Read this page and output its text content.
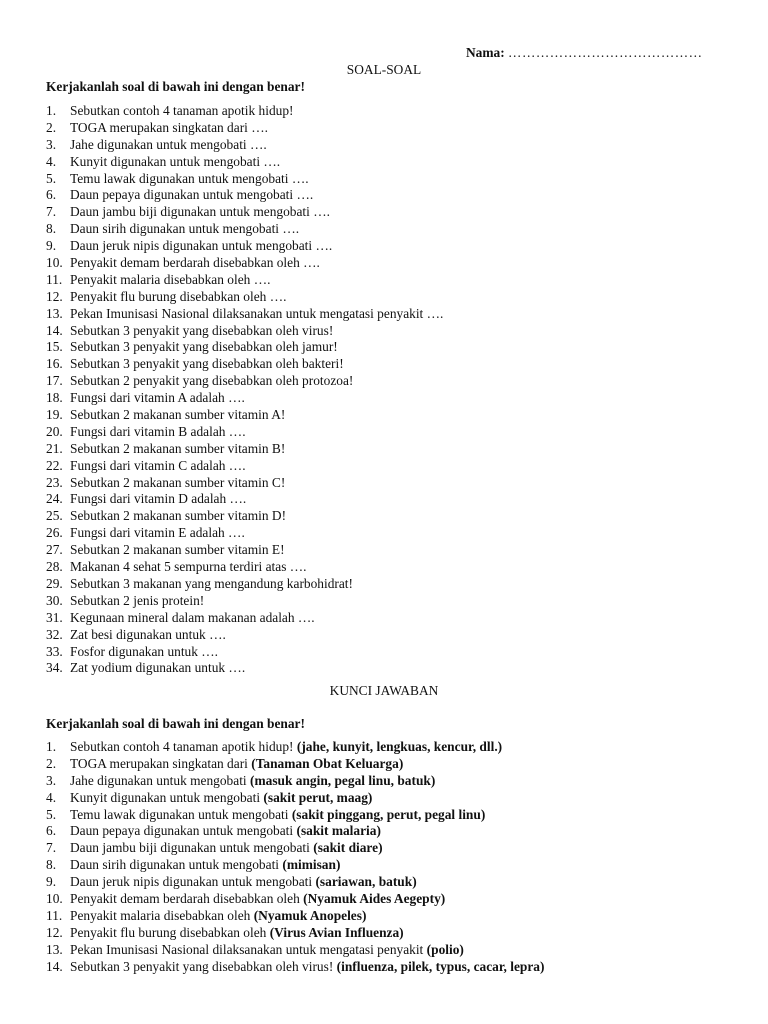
Nama: ……………………………………
SOAL-SOAL
Kerjakanlah soal di bawah ini dengan benar!
1. Sebutkan contoh 4 tanaman apotik hidup!
2. TOGA merupakan singkatan dari ….
3. Jahe digunakan untuk mengobati ….
4. Kunyit digunakan untuk mengobati ….
5. Temu lawak digunakan untuk mengobati ….
6. Daun pepaya digunakan untuk mengobati ….
7. Daun jambu biji digunakan untuk mengobati ….
8. Daun sirih digunakan untuk mengobati ….
9. Daun jeruk nipis digunakan untuk mengobati ….
10. Penyakit demam berdarah disebabkan oleh ….
11. Penyakit malaria disebabkan oleh ….
12. Penyakit flu burung disebabkan oleh ….
13. Pekan Imunisasi Nasional dilaksanakan untuk mengatasi penyakit ….
14. Sebutkan 3 penyakit yang disebabkan oleh virus!
15. Sebutkan 3 penyakit yang disebabkan oleh jamur!
16. Sebutkan 3 penyakit yang disebabkan oleh bakteri!
17. Sebutkan 2 penyakit yang disebabkan oleh protozoa!
18. Fungsi dari vitamin A adalah ….
19. Sebutkan 2 makanan sumber vitamin A!
20. Fungsi dari vitamin B adalah ….
21. Sebutkan 2 makanan sumber vitamin B!
22. Fungsi dari vitamin C adalah ….
23. Sebutkan 2 makanan sumber vitamin C!
24. Fungsi dari vitamin D adalah ….
25. Sebutkan 2 makanan sumber vitamin D!
26. Fungsi dari vitamin E adalah ….
27. Sebutkan 2 makanan sumber vitamin E!
28. Makanan 4 sehat 5 sempurna terdiri atas ….
29. Sebutkan 3 makanan yang mengandung karbohidrat!
30. Sebutkan 2 jenis protein!
31. Kegunaan mineral dalam makanan adalah ….
32. Zat besi digunakan untuk ….
33. Fosfor digunakan untuk ….
34. Zat yodium digunakan untuk ….
KUNCI JAWABAN
Kerjakanlah soal di bawah ini dengan benar!
1. Sebutkan contoh 4 tanaman apotik hidup! (jahe, kunyit, lengkuas, kencur, dll.)
2. TOGA merupakan singkatan dari (Tanaman Obat Keluarga)
3. Jahe digunakan untuk mengobati (masuk angin, pegal linu, batuk)
4. Kunyit digunakan untuk mengobati (sakit perut, maag)
5. Temu lawak digunakan untuk mengobati (sakit pinggang, perut, pegal linu)
6. Daun pepaya digunakan untuk mengobati (sakit malaria)
7. Daun jambu biji digunakan untuk mengobati (sakit diare)
8. Daun sirih digunakan untuk mengobati (mimisan)
9. Daun jeruk nipis digunakan untuk mengobati (sariawan, batuk)
10. Penyakit demam berdarah disebabkan oleh (Nyamuk Aides Aegepty)
11. Penyakit malaria disebabkan oleh (Nyamuk Anopeles)
12. Penyakit flu burung disebabkan oleh (Virus Avian Influenza)
13. Pekan Imunisasi Nasional dilaksanakan untuk mengatasi penyakit (polio)
14. Sebutkan 3 penyakit yang disebabkan oleh virus! (influenza, pilek, typus, cacar, lepra)
